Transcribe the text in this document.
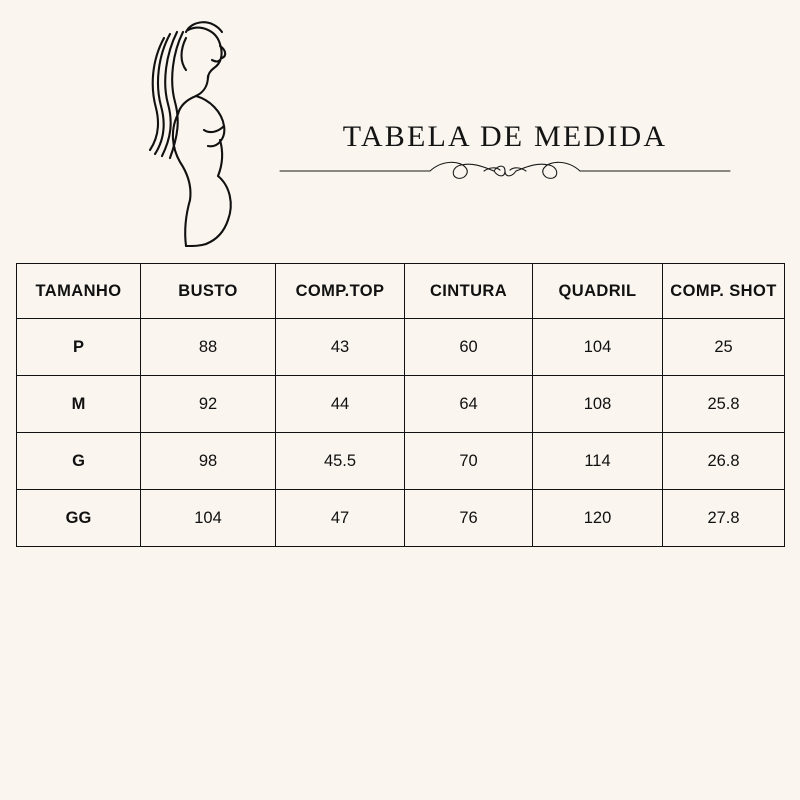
TABELA DE MEDIDA
TAMANHO	BUSTO	COMP.TOP	CINTURA	QUADRIL	COMP. SHOT
P	88	43	60	104	25
M	92	44	64	108	25.8
G	98	45.5	70	114	26.8
GG	104	47	76	120	27.8
